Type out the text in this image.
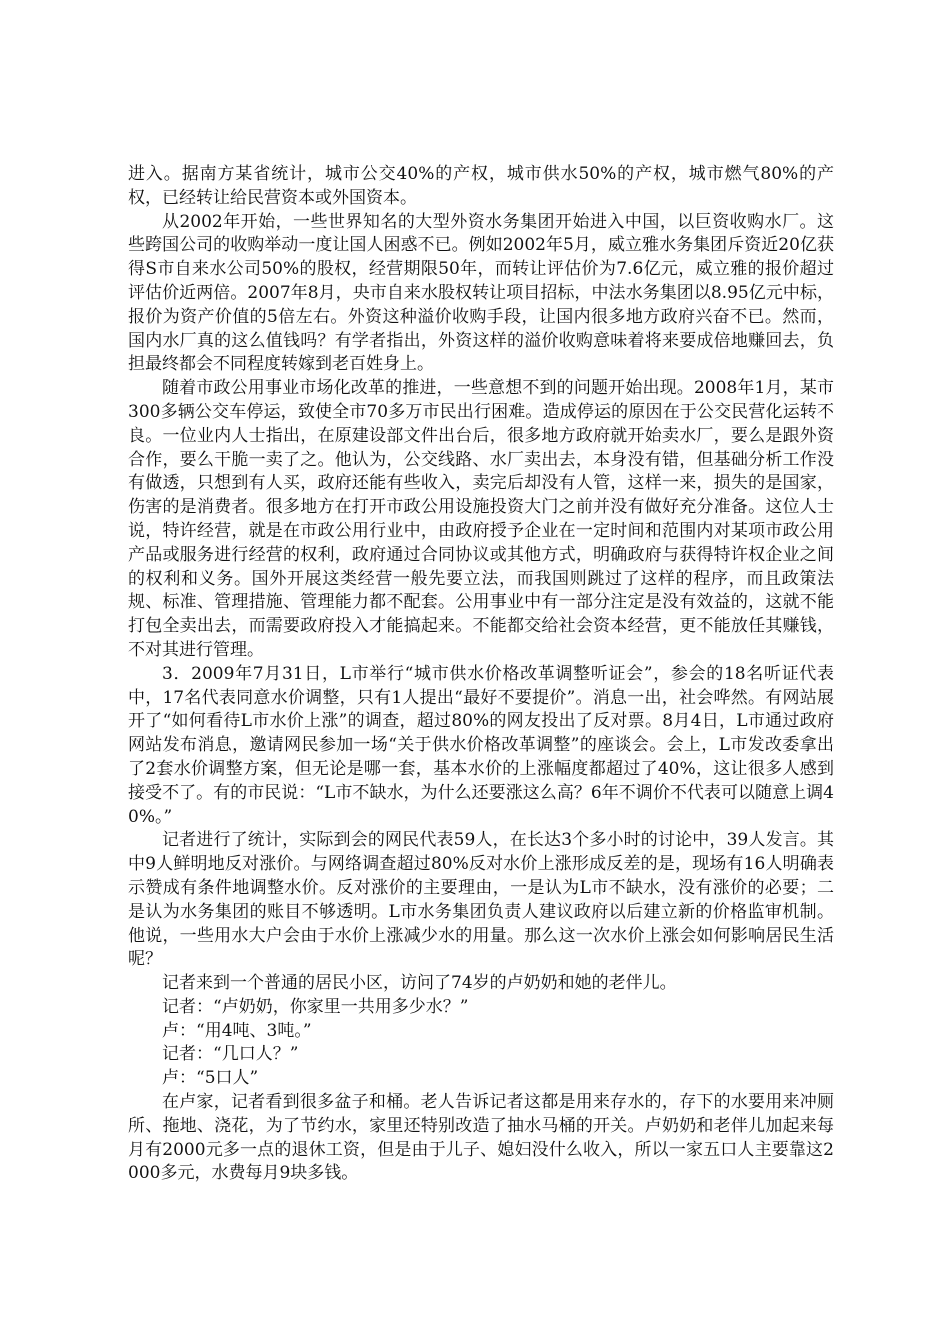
进入。据南方某省统计，城市公交40%的产权，城市供水50%的产权，城市燃气80%的产权，已经转让给民营资本或外国资本。

从2002年开始，一些世界知名的大型外资水务集团开始进入中国，以巨资收购水厂。这些跨国公司的收购举动一度让国人困惑不已。例如2002年5月，威立雅水务集团斥资近20亿获得S市自来水公司50%的股权，经营期限50年，而转让评估价为7.6亿元，威立雅的报价超过评估价近两倍。2007年8月，央市自来水股权转让项目招标，中法水务集团以8.95亿元中标，报价为资产价值的5倍左右。外资这种溢价收购手段，让国内很多地方政府兴奋不已。然而，国内水厂真的这么值钱吗？有学者指出，外资这样的溢价收购意味着将来要成倍地赚回去，负担最终都会不同程度转嫁到老百姓身上。

随着市政公用事业市场化改革的推进，一些意想不到的问题开始出现。2008年1月，某市300多辆公交车停运，致使全市70多万市民出行困难。造成停运的原因在于公交民营化运转不良。一位业内人士指出，在原建设部文件出台后，很多地方政府就开始卖水厂，要么是跟外资合作，要么干脆一卖了之。他认为，公交线路、水厂卖出去，本身没有错，但基础分析工作没有做透，只想到有人买，政府还能有些收入，卖完后却没有人管，这样一来，损失的是国家，伤害的是消费者。很多地方在打开市政公用设施投资大门之前并没有做好充分准备。这位人士说，特许经营，就是在市政公用行业中，由政府授予企业在一定时间和范围内对某项市政公用产品或服务进行经营的权利，政府通过合同协议或其他方式，明确政府与获得特许权企业之间的权利和义务。国外开展这类经营一般先要立法，而我国则跳过了这样的程序，而且政策法规、标准、管理措施、管理能力都不配套。公用事业中有一部分注定是没有效益的，这就不能打包全卖出去，而需要政府投入才能搞起来。不能都交给社会资本经营，更不能放任其赚钱，不对其进行管理。

3．2009年7月31日，L市举行“城市供水价格改革调整听证会”，参会的18名听证代表中，17名代表同意水价调整，只有1人提出“最好不要提价”。消息一出，社会哗然。有网站展开了“如何看待L市水价上涨”的调查，超过80%的网友投出了反对票。8月4日，L市通过政府网站发布消息，邀请网民参加一场“关于供水价格改革调整”的座谈会。会上，L市发改委拿出了2套水价调整方案，但无论是哪一套，基本水价的上涨幅度都超过了40%，这让很多人感到接受不了。有的市民说：“L市不缺水，为什么还要涨这么高？6年不调价不代表可以随意上调40%。”

记者进行了统计，实际到会的网民代表59人，在长达3个多小时的讨论中，39人发言。其中9人鲜明地反对涨价。与网络调查超过80%反对水价上涨形成反差的是，现场有16人明确表示赞成有条件地调整水价。反对涨价的主要理由，一是认为L市不缺水，没有涨价的必要；二是认为水务集团的账目不够透明。L市水务集团负责人建议政府以后建立新的价格监审机制。他说，一些用水大户会由于水价上涨减少水的用量。那么这一次水价上涨会如何影响居民生活呢？

记者来到一个普通的居民小区，访问了74岁的卢奶奶和她的老伴儿。

记者：“卢奶奶，你家里一共用多少水？”

卢：“用4吨、3吨。”

记者：“几口人？”

卢：“5口人”

在卢家，记者看到很多盆子和桶。老人告诉记者这都是用来存水的，存下的水要用来冲厕所、拖地、浇花，为了节约水，家里还特别改造了抽水马桶的开关。卢奶奶和老伴儿加起来每月有2000元多一点的退休工资，但是由于儿子、媳妇没什么收入，所以一家五口人主要靠这2000多元，水费每月9块多钱。
